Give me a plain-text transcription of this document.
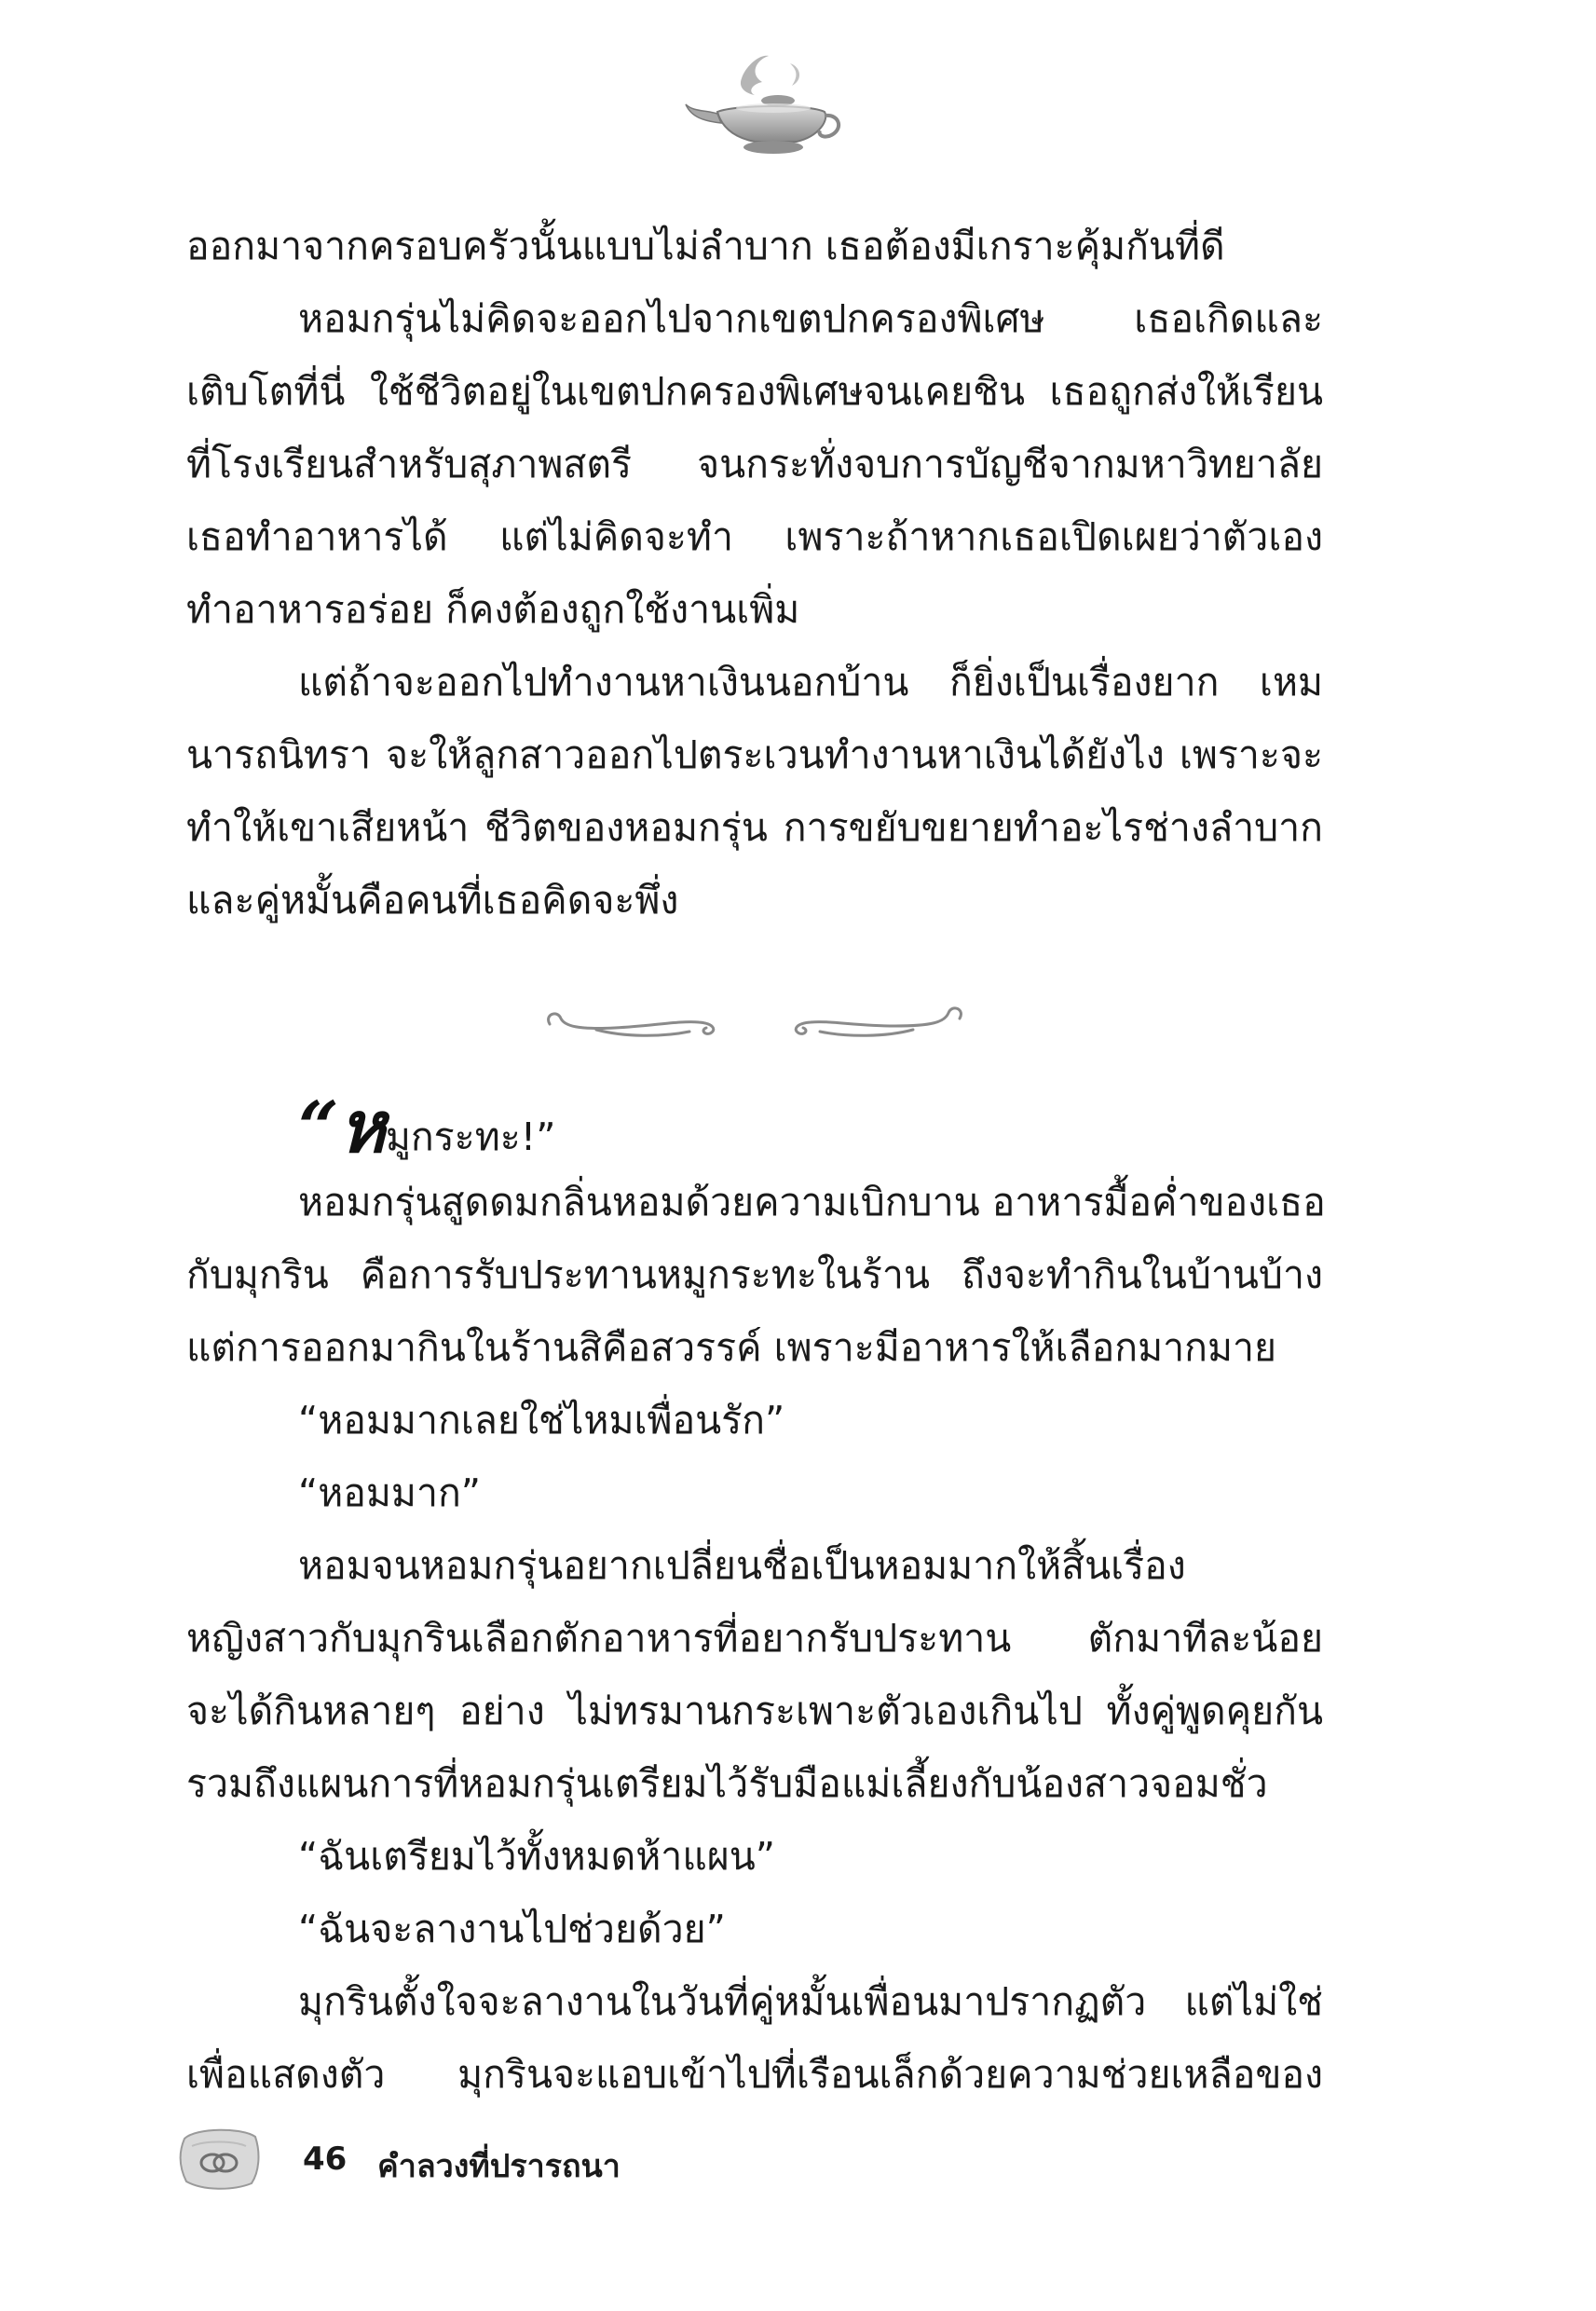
ออกมาจากครอบครัวนั้นแบบไม่ลำบาก เธอต้องมีเกราะคุ้มกันที่ดี
หอมกรุ่นไม่คิดจะออกไปจากเขตปกครองพิเศษ เธอเกิดและ
เติบโตที่นี่ ใช้ชีวิตอยู่ในเขตปกครองพิเศษจนเคยชิน เธอถูกส่งให้เรียน
ที่โรงเรียนสำหรับสุภาพสตรี จนกระทั่งจบการบัญชีจากมหาวิทยาลัย
เธอทำอาหารได้ แต่ไม่คิดจะทำ เพราะถ้าหากเธอเปิดเผยว่าตัวเอง
ทำอาหารอร่อย ก็คงต้องถูกใช้งานเพิ่ม
แต่ถ้าจะออกไปทำงานหาเงินนอกบ้าน ก็ยิ่งเป็นเรื่องยาก เหม
นารถนิทรา จะให้ลูกสาวออกไปตระเวนทำงานหาเงินได้ยังไง เพราะจะ
ทำให้เขาเสียหน้า ชีวิตของหอมกรุ่น การขยับขยายทำอะไรช่างลำบาก
และคู่หมั้นคือคนที่เธอคิดจะพึ่ง
“หมูกระทะ!”
หอมกรุ่นสูดดมกลิ่นหอมด้วยความเบิกบาน อาหารมื้อค่ำของเธอ
กับมุกริน คือการรับประทานหมูกระทะในร้าน ถึงจะทำกินในบ้านบ้าง
แต่การออกมากินในร้านสิคือสวรรค์ เพราะมีอาหารให้เลือกมากมาย
“หอมมากเลยใช่ไหมเพื่อนรัก”
“หอมมาก”
หอมจนหอมกรุ่นอยากเปลี่ยนชื่อเป็นหอมมากให้สิ้นเรื่อง
หญิงสาวกับมุกรินเลือกตักอาหารที่อยากรับประทาน ตักมาทีละน้อย
จะได้กินหลายๆ อย่าง ไม่ทรมานกระเพาะตัวเองเกินไป ทั้งคู่พูดคุยกัน
รวมถึงแผนการที่หอมกรุ่นเตรียมไว้รับมือแม่เลี้ยงกับน้องสาวจอมชั่ว
“ฉันเตรียมไว้ทั้งหมดห้าแผน”
“ฉันจะลางานไปช่วยด้วย”
มุกรินตั้งใจจะลางานในวันที่คู่หมั้นเพื่อนมาปรากฏตัว แต่ไม่ใช่
เพื่อแสดงตัว มุกรินจะแอบเข้าไปที่เรือนเล็กด้วยความช่วยเหลือของ
46 คำลวงที่ปรารถนา
